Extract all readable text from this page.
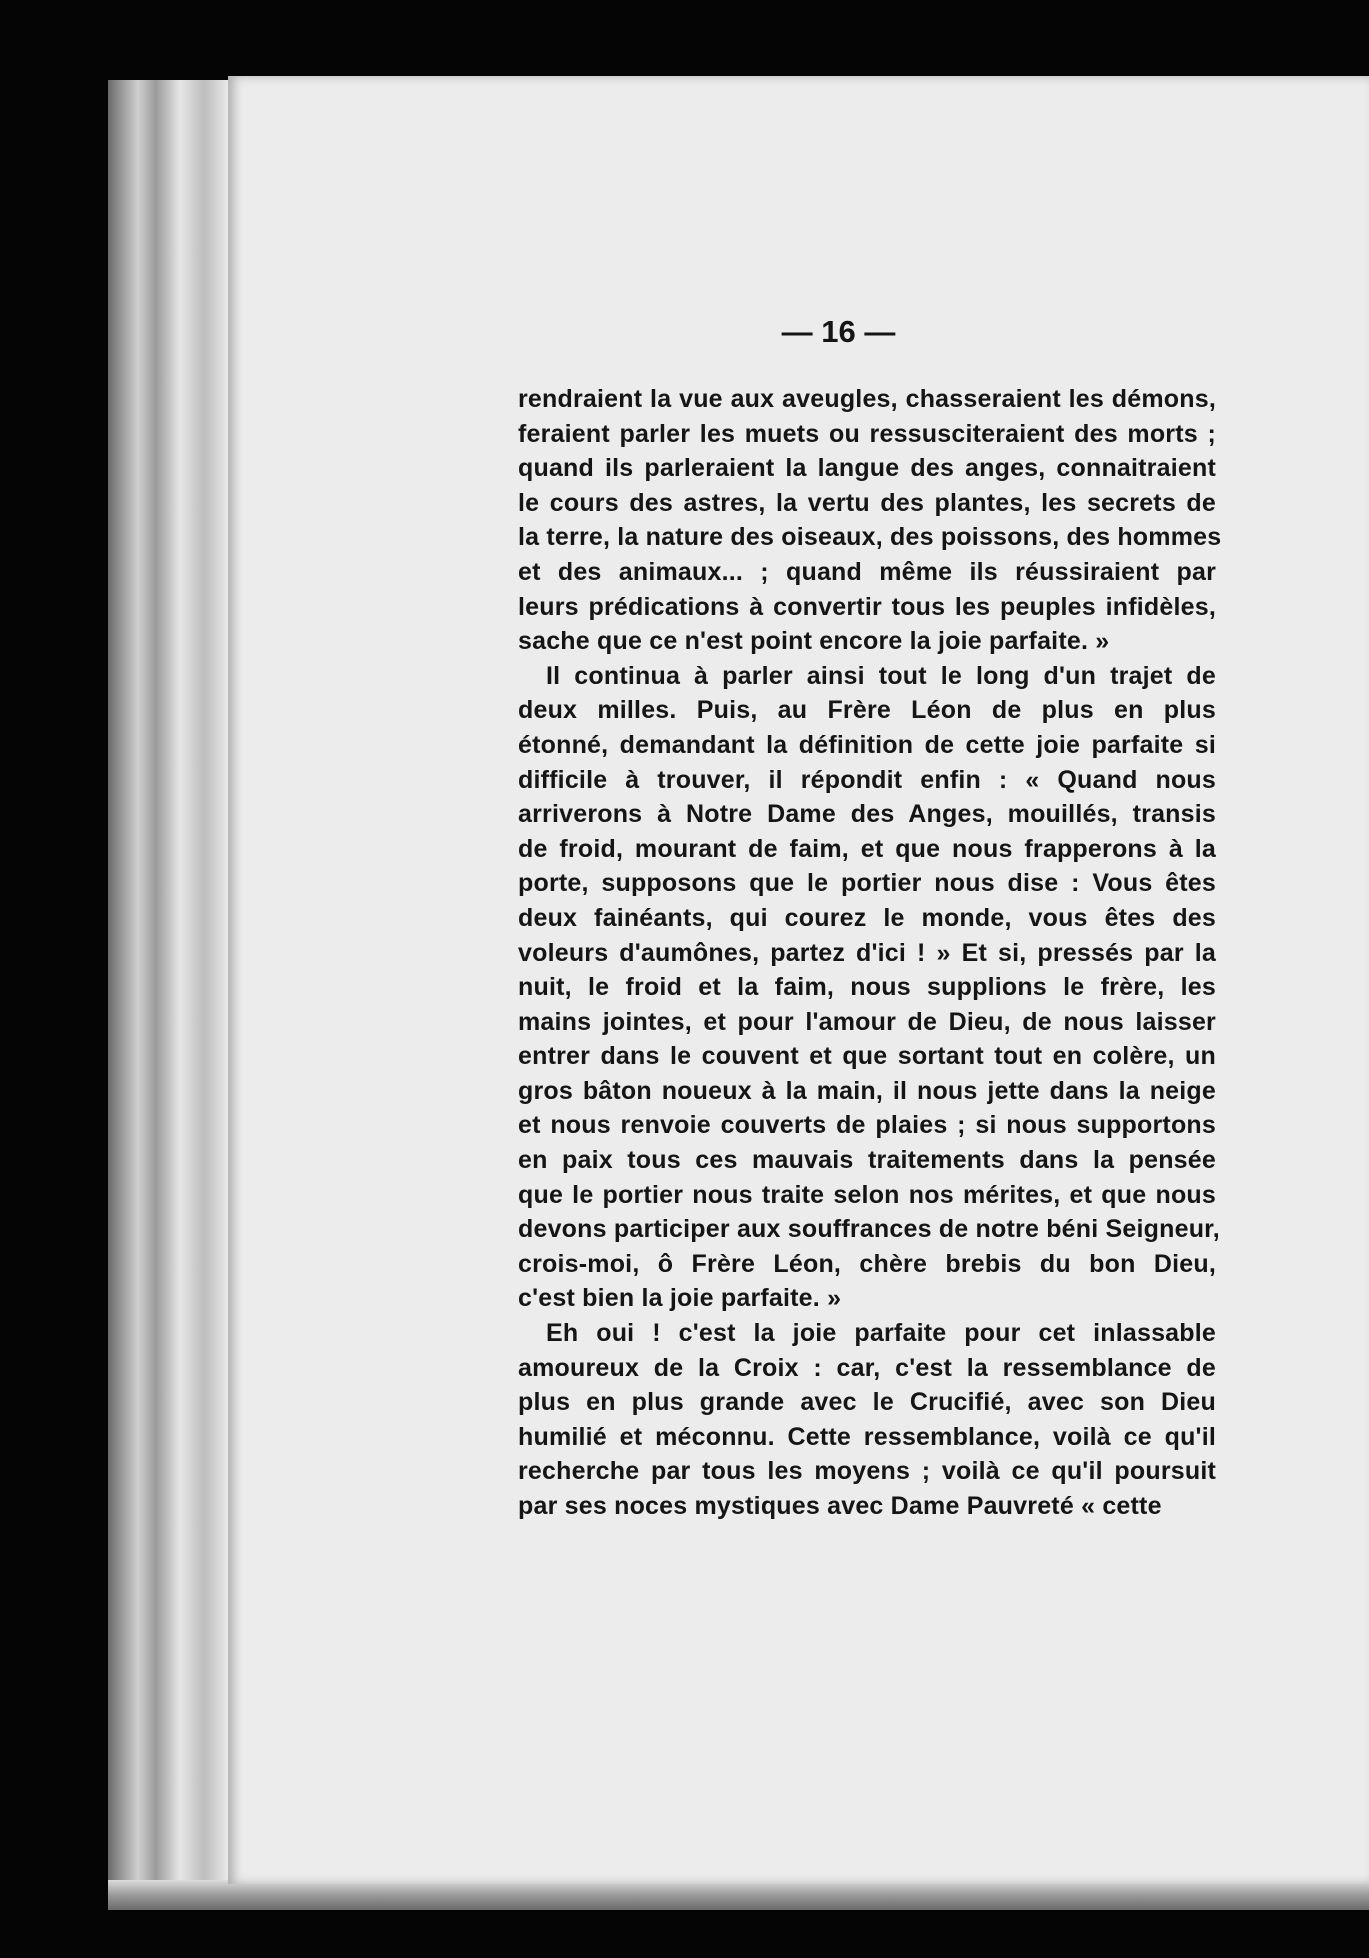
— 16 —
rendraient la vue aux aveugles, chasseraient les démons,
feraient parler les muets ou ressusciteraient des morts ;
quand ils parleraient la langue des anges, connaitraient
le cours des astres, la vertu des plantes, les secrets de
la terre, la nature des oiseaux, des poissons, des hommes
et des animaux... ; quand même ils réussiraient par
leurs prédications à convertir tous les peuples infidèles,
sache que ce n'est point encore la joie parfaite. »
Il continua à parler ainsi tout le long d'un trajet de
deux milles. Puis, au Frère Léon de plus en plus
étonné, demandant la définition de cette joie parfaite si
difficile à trouver, il répondit enfin : « Quand nous
arriverons à Notre Dame des Anges, mouillés, transis
de froid, mourant de faim, et que nous frapperons à la
porte, supposons que le portier nous dise : Vous êtes
deux fainéants, qui courez le monde, vous êtes des
voleurs d'aumônes, partez d'ici ! » Et si, pressés par la
nuit, le froid et la faim, nous supplions le frère, les
mains jointes, et pour l'amour de Dieu, de nous laisser
entrer dans le couvent et que sortant tout en colère, un
gros bâton noueux à la main, il nous jette dans la neige
et nous renvoie couverts de plaies ; si nous supportons
en paix tous ces mauvais traitements dans la pensée
que le portier nous traite selon nos mérites, et que nous
devons participer aux souffrances de notre béni Seigneur,
crois-moi, ô Frère Léon, chère brebis du bon Dieu,
c'est bien la joie parfaite. »
Eh oui ! c'est la joie parfaite pour cet inlassable
amoureux de la Croix : car, c'est la ressemblance de
plus en plus grande avec le Crucifié, avec son Dieu
humilié et méconnu. Cette ressemblance, voilà ce qu'il
recherche par tous les moyens ; voilà ce qu'il poursuit
par ses noces mystiques avec Dame Pauvreté « cette
